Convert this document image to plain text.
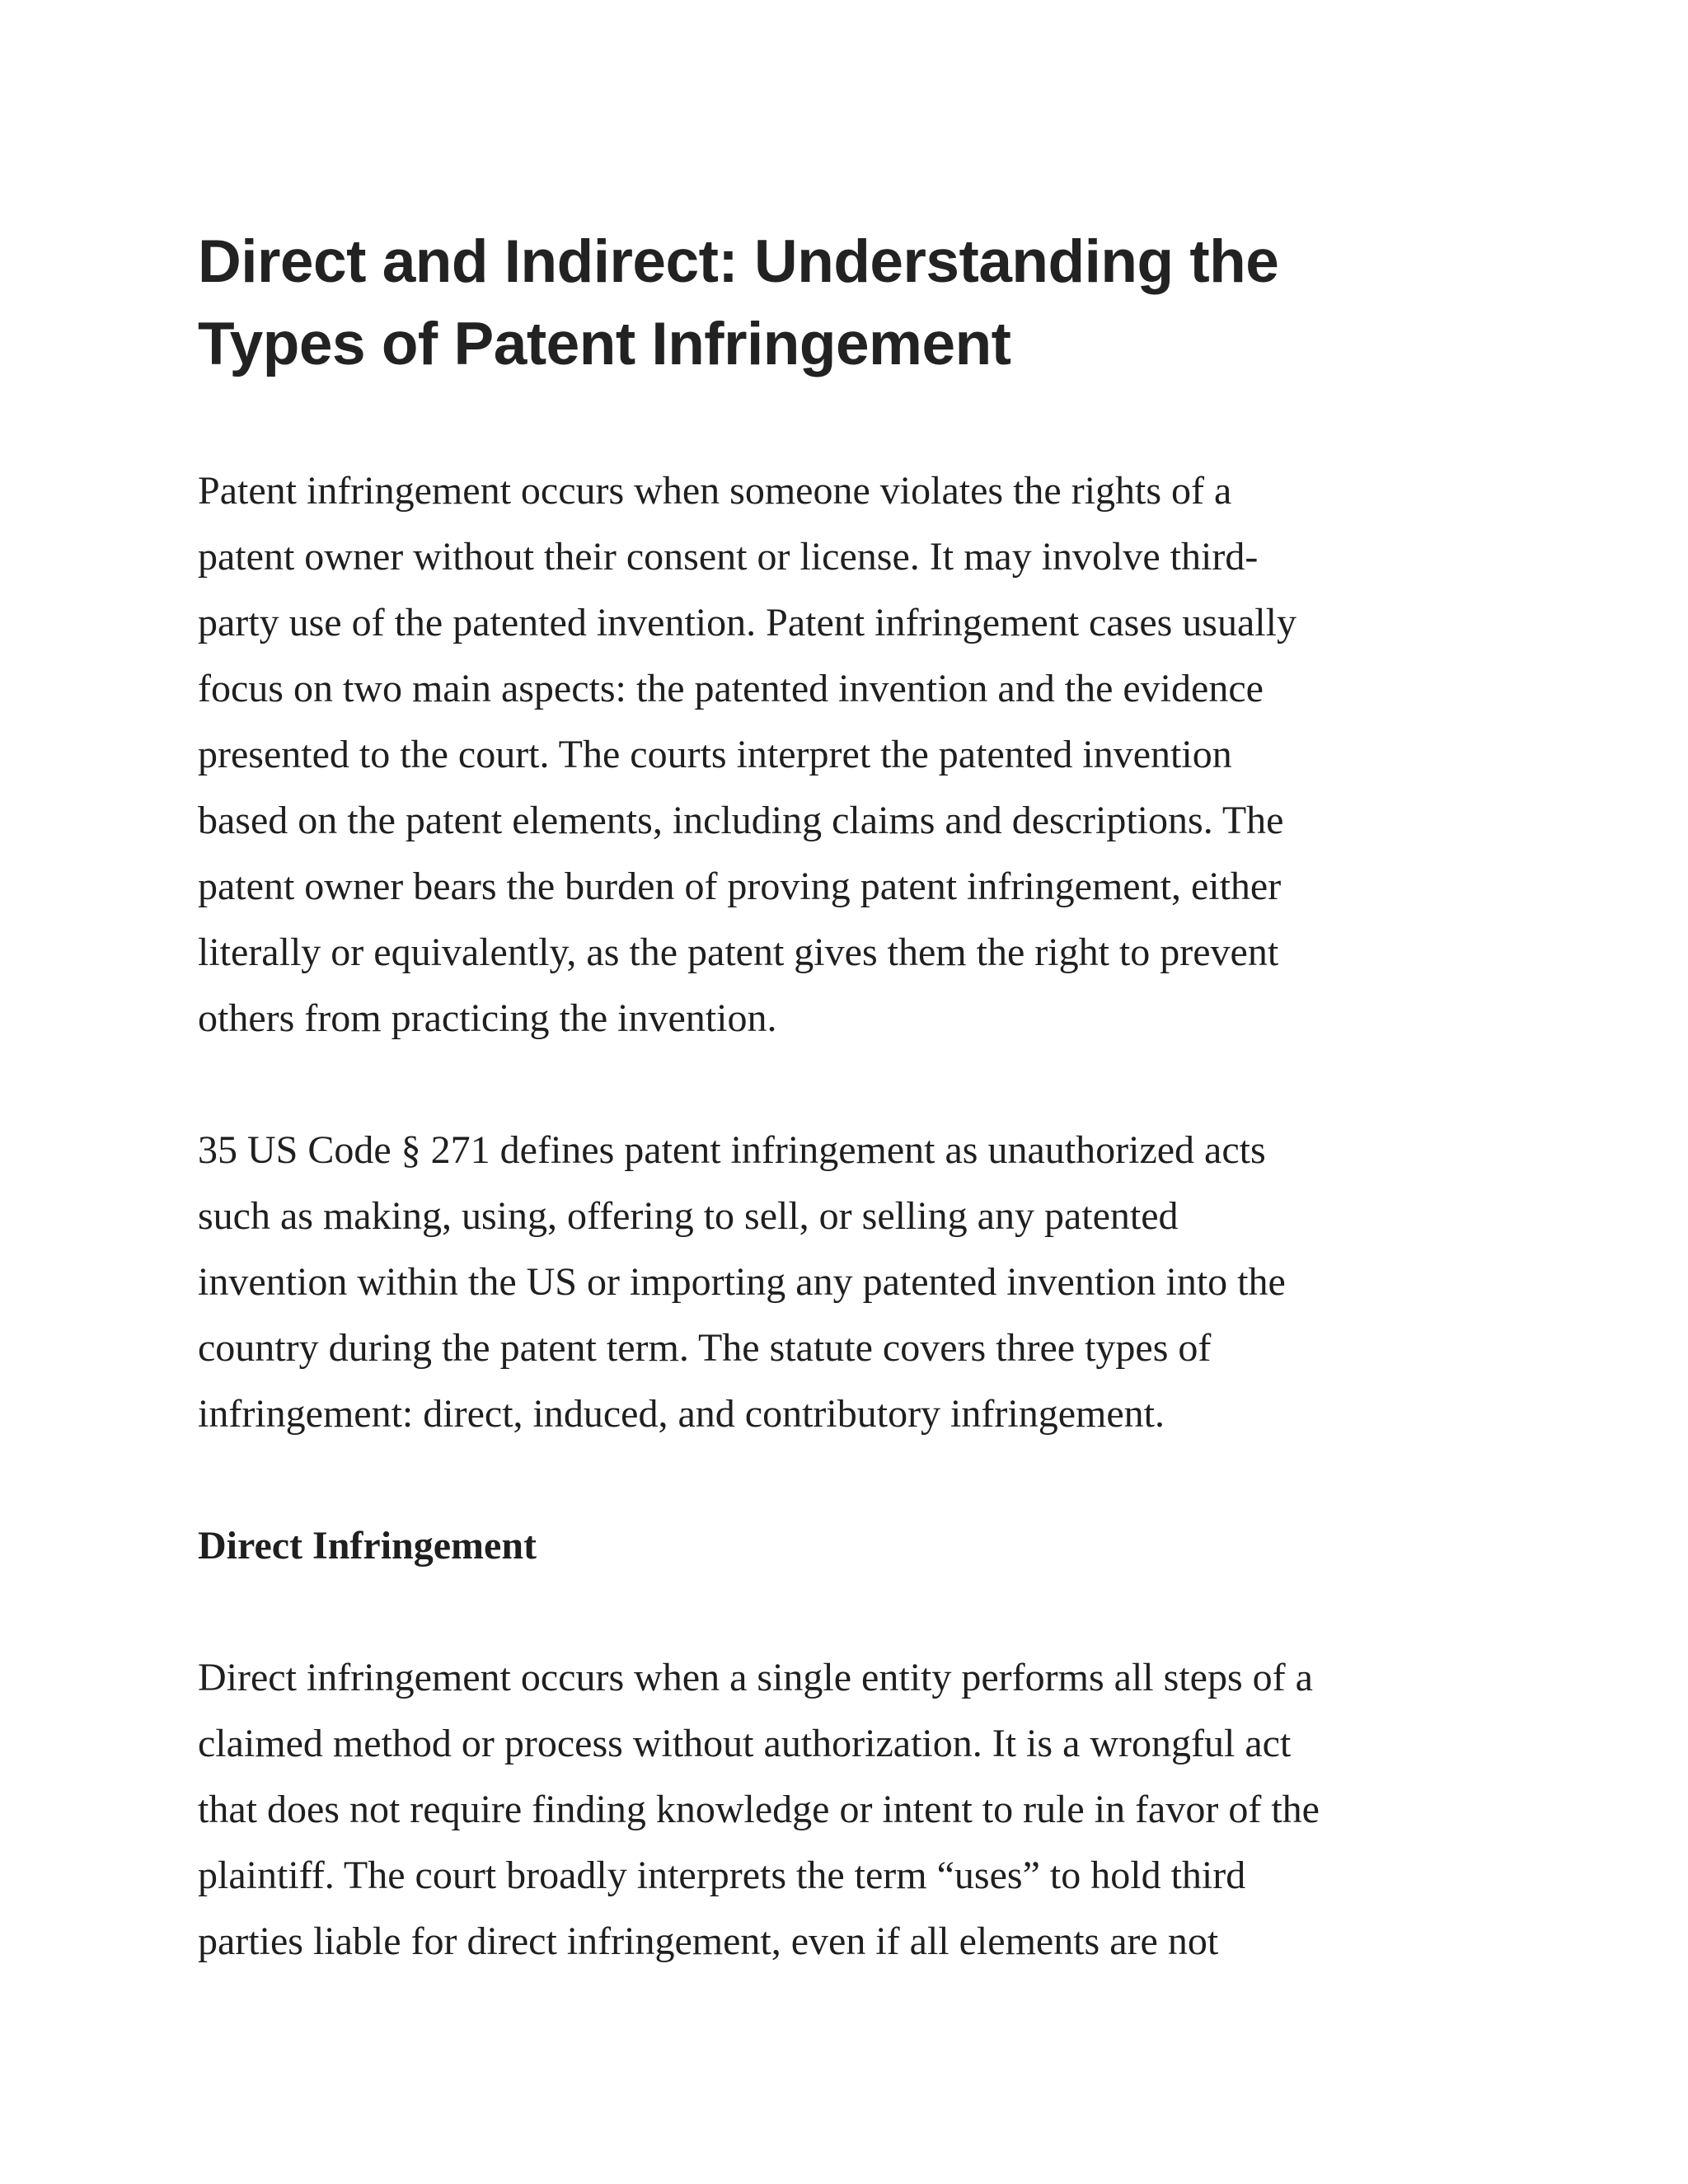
Direct and Indirect: Understanding the
Types of Patent Infringement

Patent infringement occurs when someone violates the rights of a
patent owner without their consent or license. It may involve third-
party use of the patented invention. Patent infringement cases usually
focus on two main aspects: the patented invention and the evidence
presented to the court. The courts interpret the patented invention
based on the patent elements, including claims and descriptions. The
patent owner bears the burden of proving patent infringement, either
literally or equivalently, as the patent gives them the right to prevent
others from practicing the invention.

35 US Code § 271 defines patent infringement as unauthorized acts
such as making, using, offering to sell, or selling any patented
invention within the US or importing any patented invention into the
country during the patent term. The statute covers three types of
infringement: direct, induced, and contributory infringement.

Direct Infringement

Direct infringement occurs when a single entity performs all steps of a
claimed method or process without authorization. It is a wrongful act
that does not require finding knowledge or intent to rule in favor of the
plaintiff. The court broadly interprets the term “uses” to hold third
parties liable for direct infringement, even if all elements are not
